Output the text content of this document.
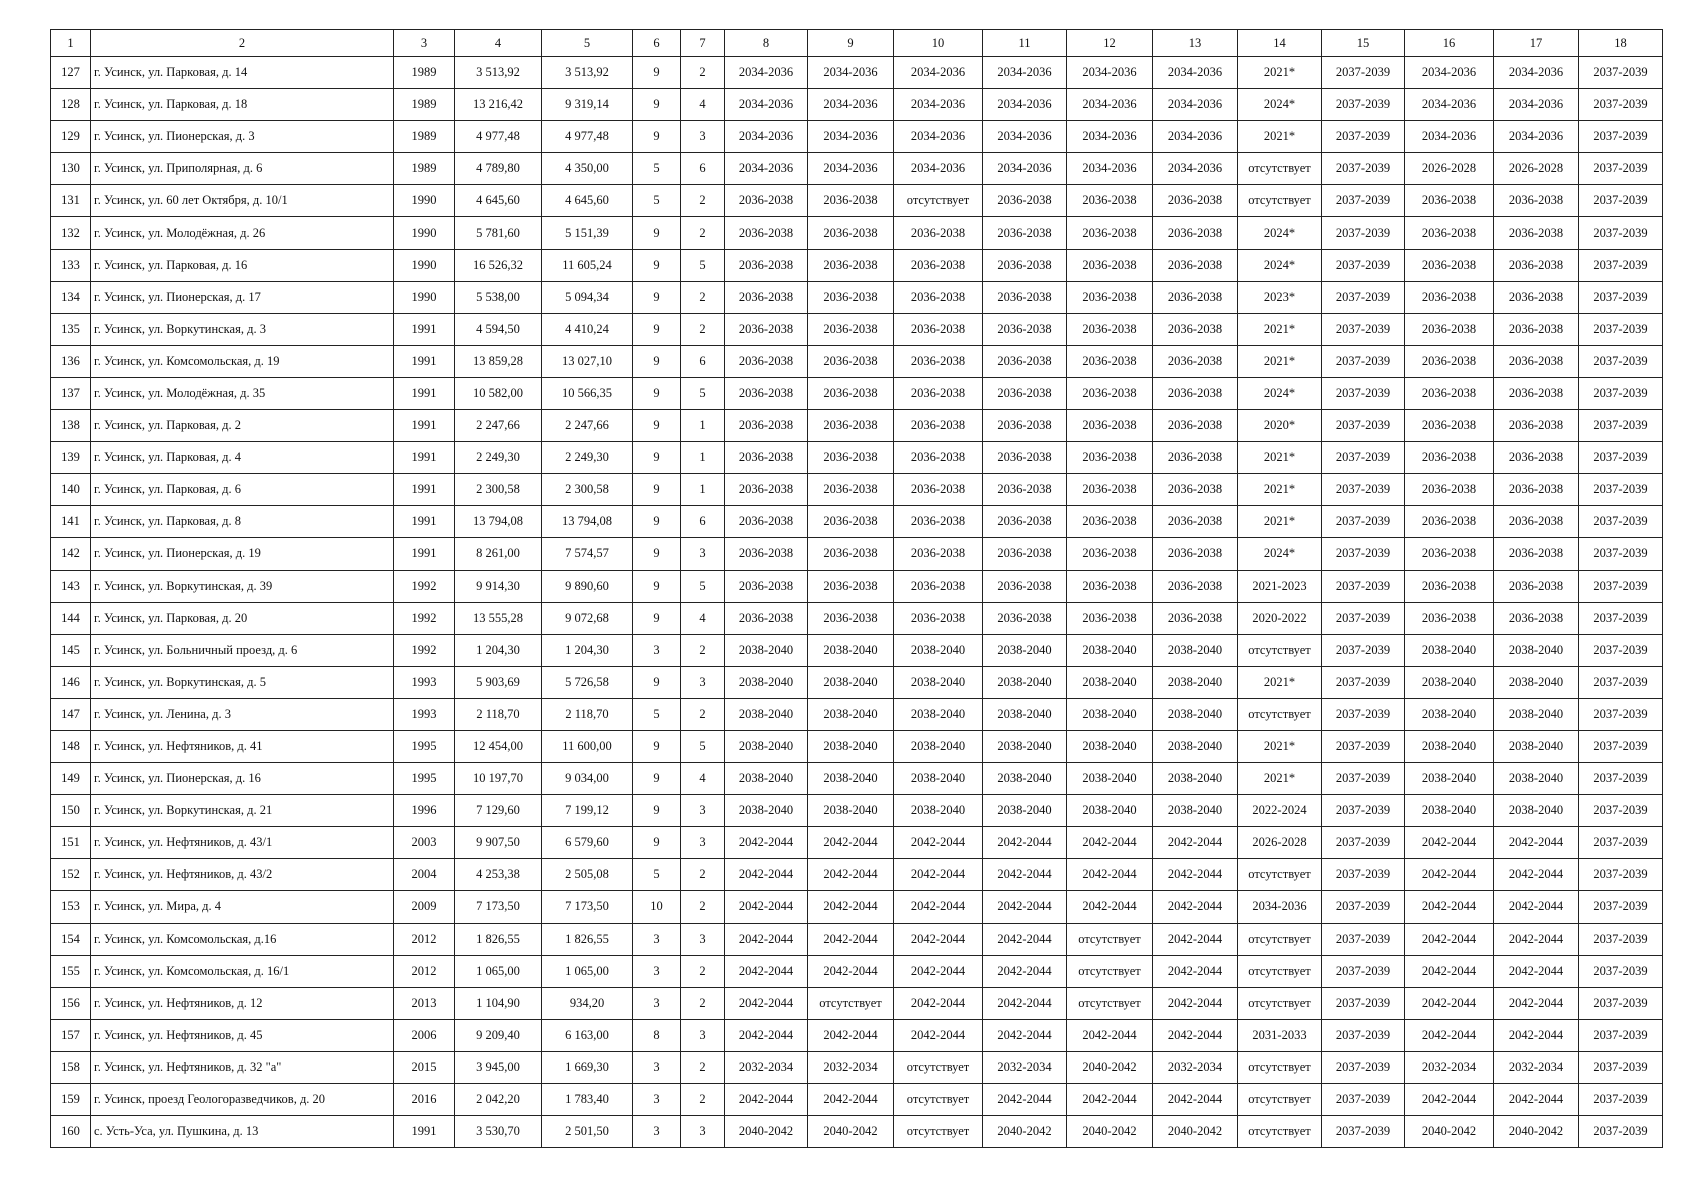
1	2	3	4	5	6	7	8	9	10	11	12	13	14	15	16	17	18
127	г. Усинск, ул. Парковая, д. 14	1989	3 513,92	3 513,92	9	2	2034-2036	2034-2036	2034-2036	2034-2036	2034-2036	2034-2036	2021*	2037-2039	2034-2036	2034-2036	2037-2039
128	г. Усинск, ул. Парковая, д. 18	1989	13 216,42	9 319,14	9	4	2034-2036	2034-2036	2034-2036	2034-2036	2034-2036	2034-2036	2024*	2037-2039	2034-2036	2034-2036	2037-2039
129	г. Усинск, ул. Пионерская, д. 3	1989	4 977,48	4 977,48	9	3	2034-2036	2034-2036	2034-2036	2034-2036	2034-2036	2034-2036	2021*	2037-2039	2034-2036	2034-2036	2037-2039
130	г. Усинск, ул. Приполярная, д. 6	1989	4 789,80	4 350,00	5	6	2034-2036	2034-2036	2034-2036	2034-2036	2034-2036	2034-2036	отсутствует	2037-2039	2026-2028	2026-2028	2037-2039
131	г. Усинск, ул. 60 лет Октября, д. 10/1	1990	4 645,60	4 645,60	5	2	2036-2038	2036-2038	отсутствует	2036-2038	2036-2038	2036-2038	отсутствует	2037-2039	2036-2038	2036-2038	2037-2039
132	г. Усинск, ул. Молодёжная, д. 26	1990	5 781,60	5 151,39	9	2	2036-2038	2036-2038	2036-2038	2036-2038	2036-2038	2036-2038	2024*	2037-2039	2036-2038	2036-2038	2037-2039
133	г. Усинск, ул. Парковая, д. 16	1990	16 526,32	11 605,24	9	5	2036-2038	2036-2038	2036-2038	2036-2038	2036-2038	2036-2038	2024*	2037-2039	2036-2038	2036-2038	2037-2039
134	г. Усинск, ул. Пионерская, д. 17	1990	5 538,00	5 094,34	9	2	2036-2038	2036-2038	2036-2038	2036-2038	2036-2038	2036-2038	2023*	2037-2039	2036-2038	2036-2038	2037-2039
135	г. Усинск, ул. Воркутинская, д. 3	1991	4 594,50	4 410,24	9	2	2036-2038	2036-2038	2036-2038	2036-2038	2036-2038	2036-2038	2021*	2037-2039	2036-2038	2036-2038	2037-2039
136	г. Усинск, ул. Комсомольская, д. 19	1991	13 859,28	13 027,10	9	6	2036-2038	2036-2038	2036-2038	2036-2038	2036-2038	2036-2038	2021*	2037-2039	2036-2038	2036-2038	2037-2039
137	г. Усинск, ул. Молодёжная, д. 35	1991	10 582,00	10 566,35	9	5	2036-2038	2036-2038	2036-2038	2036-2038	2036-2038	2036-2038	2024*	2037-2039	2036-2038	2036-2038	2037-2039
138	г. Усинск, ул. Парковая, д. 2	1991	2 247,66	2 247,66	9	1	2036-2038	2036-2038	2036-2038	2036-2038	2036-2038	2036-2038	2020*	2037-2039	2036-2038	2036-2038	2037-2039
139	г. Усинск, ул. Парковая, д. 4	1991	2 249,30	2 249,30	9	1	2036-2038	2036-2038	2036-2038	2036-2038	2036-2038	2036-2038	2021*	2037-2039	2036-2038	2036-2038	2037-2039
140	г. Усинск, ул. Парковая, д. 6	1991	2 300,58	2 300,58	9	1	2036-2038	2036-2038	2036-2038	2036-2038	2036-2038	2036-2038	2021*	2037-2039	2036-2038	2036-2038	2037-2039
141	г. Усинск, ул. Парковая, д. 8	1991	13 794,08	13 794,08	9	6	2036-2038	2036-2038	2036-2038	2036-2038	2036-2038	2036-2038	2021*	2037-2039	2036-2038	2036-2038	2037-2039
142	г. Усинск, ул. Пионерская, д. 19	1991	8 261,00	7 574,57	9	3	2036-2038	2036-2038	2036-2038	2036-2038	2036-2038	2036-2038	2024*	2037-2039	2036-2038	2036-2038	2037-2039
143	г. Усинск, ул. Воркутинская, д. 39	1992	9 914,30	9 890,60	9	5	2036-2038	2036-2038	2036-2038	2036-2038	2036-2038	2036-2038	2021-2023	2037-2039	2036-2038	2036-2038	2037-2039
144	г. Усинск, ул. Парковая, д. 20	1992	13 555,28	9 072,68	9	4	2036-2038	2036-2038	2036-2038	2036-2038	2036-2038	2036-2038	2020-2022	2037-2039	2036-2038	2036-2038	2037-2039
145	г. Усинск, ул. Больничный проезд, д. 6	1992	1 204,30	1 204,30	3	2	2038-2040	2038-2040	2038-2040	2038-2040	2038-2040	2038-2040	отсутствует	2037-2039	2038-2040	2038-2040	2037-2039
146	г. Усинск, ул. Воркутинская, д. 5	1993	5 903,69	5 726,58	9	3	2038-2040	2038-2040	2038-2040	2038-2040	2038-2040	2038-2040	2021*	2037-2039	2038-2040	2038-2040	2037-2039
147	г. Усинск, ул. Ленина, д. 3	1993	2 118,70	2 118,70	5	2	2038-2040	2038-2040	2038-2040	2038-2040	2038-2040	2038-2040	отсутствует	2037-2039	2038-2040	2038-2040	2037-2039
148	г. Усинск, ул. Нефтяников, д. 41	1995	12 454,00	11 600,00	9	5	2038-2040	2038-2040	2038-2040	2038-2040	2038-2040	2038-2040	2021*	2037-2039	2038-2040	2038-2040	2037-2039
149	г. Усинск, ул. Пионерская, д. 16	1995	10 197,70	9 034,00	9	4	2038-2040	2038-2040	2038-2040	2038-2040	2038-2040	2038-2040	2021*	2037-2039	2038-2040	2038-2040	2037-2039
150	г. Усинск, ул. Воркутинская, д. 21	1996	7 129,60	7 199,12	9	3	2038-2040	2038-2040	2038-2040	2038-2040	2038-2040	2038-2040	2022-2024	2037-2039	2038-2040	2038-2040	2037-2039
151	г. Усинск, ул. Нефтяников, д. 43/1	2003	9 907,50	6 579,60	9	3	2042-2044	2042-2044	2042-2044	2042-2044	2042-2044	2042-2044	2026-2028	2037-2039	2042-2044	2042-2044	2037-2039
152	г. Усинск, ул. Нефтяников, д. 43/2	2004	4 253,38	2 505,08	5	2	2042-2044	2042-2044	2042-2044	2042-2044	2042-2044	2042-2044	отсутствует	2037-2039	2042-2044	2042-2044	2037-2039
153	г. Усинск, ул. Мира, д. 4	2009	7 173,50	7 173,50	10	2	2042-2044	2042-2044	2042-2044	2042-2044	2042-2044	2042-2044	2034-2036	2037-2039	2042-2044	2042-2044	2037-2039
154	г. Усинск, ул. Комсомольская, д.16	2012	1 826,55	1 826,55	3	3	2042-2044	2042-2044	2042-2044	2042-2044	отсутствует	2042-2044	отсутствует	2037-2039	2042-2044	2042-2044	2037-2039
155	г. Усинск, ул. Комсомольская, д. 16/1	2012	1 065,00	1 065,00	3	2	2042-2044	2042-2044	2042-2044	2042-2044	отсутствует	2042-2044	отсутствует	2037-2039	2042-2044	2042-2044	2037-2039
156	г. Усинск, ул. Нефтяников, д. 12	2013	1 104,90	934,20	3	2	2042-2044	отсутствует	2042-2044	2042-2044	отсутствует	2042-2044	отсутствует	2037-2039	2042-2044	2042-2044	2037-2039
157	г. Усинск, ул. Нефтяников, д. 45	2006	9 209,40	6 163,00	8	3	2042-2044	2042-2044	2042-2044	2042-2044	2042-2044	2042-2044	2031-2033	2037-2039	2042-2044	2042-2044	2037-2039
158	г. Усинск, ул. Нефтяников, д. 32 "а"	2015	3 945,00	1 669,30	3	2	2032-2034	2032-2034	отсутствует	2032-2034	2040-2042	2032-2034	отсутствует	2037-2039	2032-2034	2032-2034	2037-2039
159	г. Усинск, проезд Геологоразведчиков, д. 20	2016	2 042,20	1 783,40	3	2	2042-2044	2042-2044	отсутствует	2042-2044	2042-2044	2042-2044	отсутствует	2037-2039	2042-2044	2042-2044	2037-2039
160	с. Усть-Уса, ул. Пушкина, д. 13	1991	3 530,70	2 501,50	3	3	2040-2042	2040-2042	отсутствует	2040-2042	2040-2042	2040-2042	отсутствует	2037-2039	2040-2042	2040-2042	2037-2039
